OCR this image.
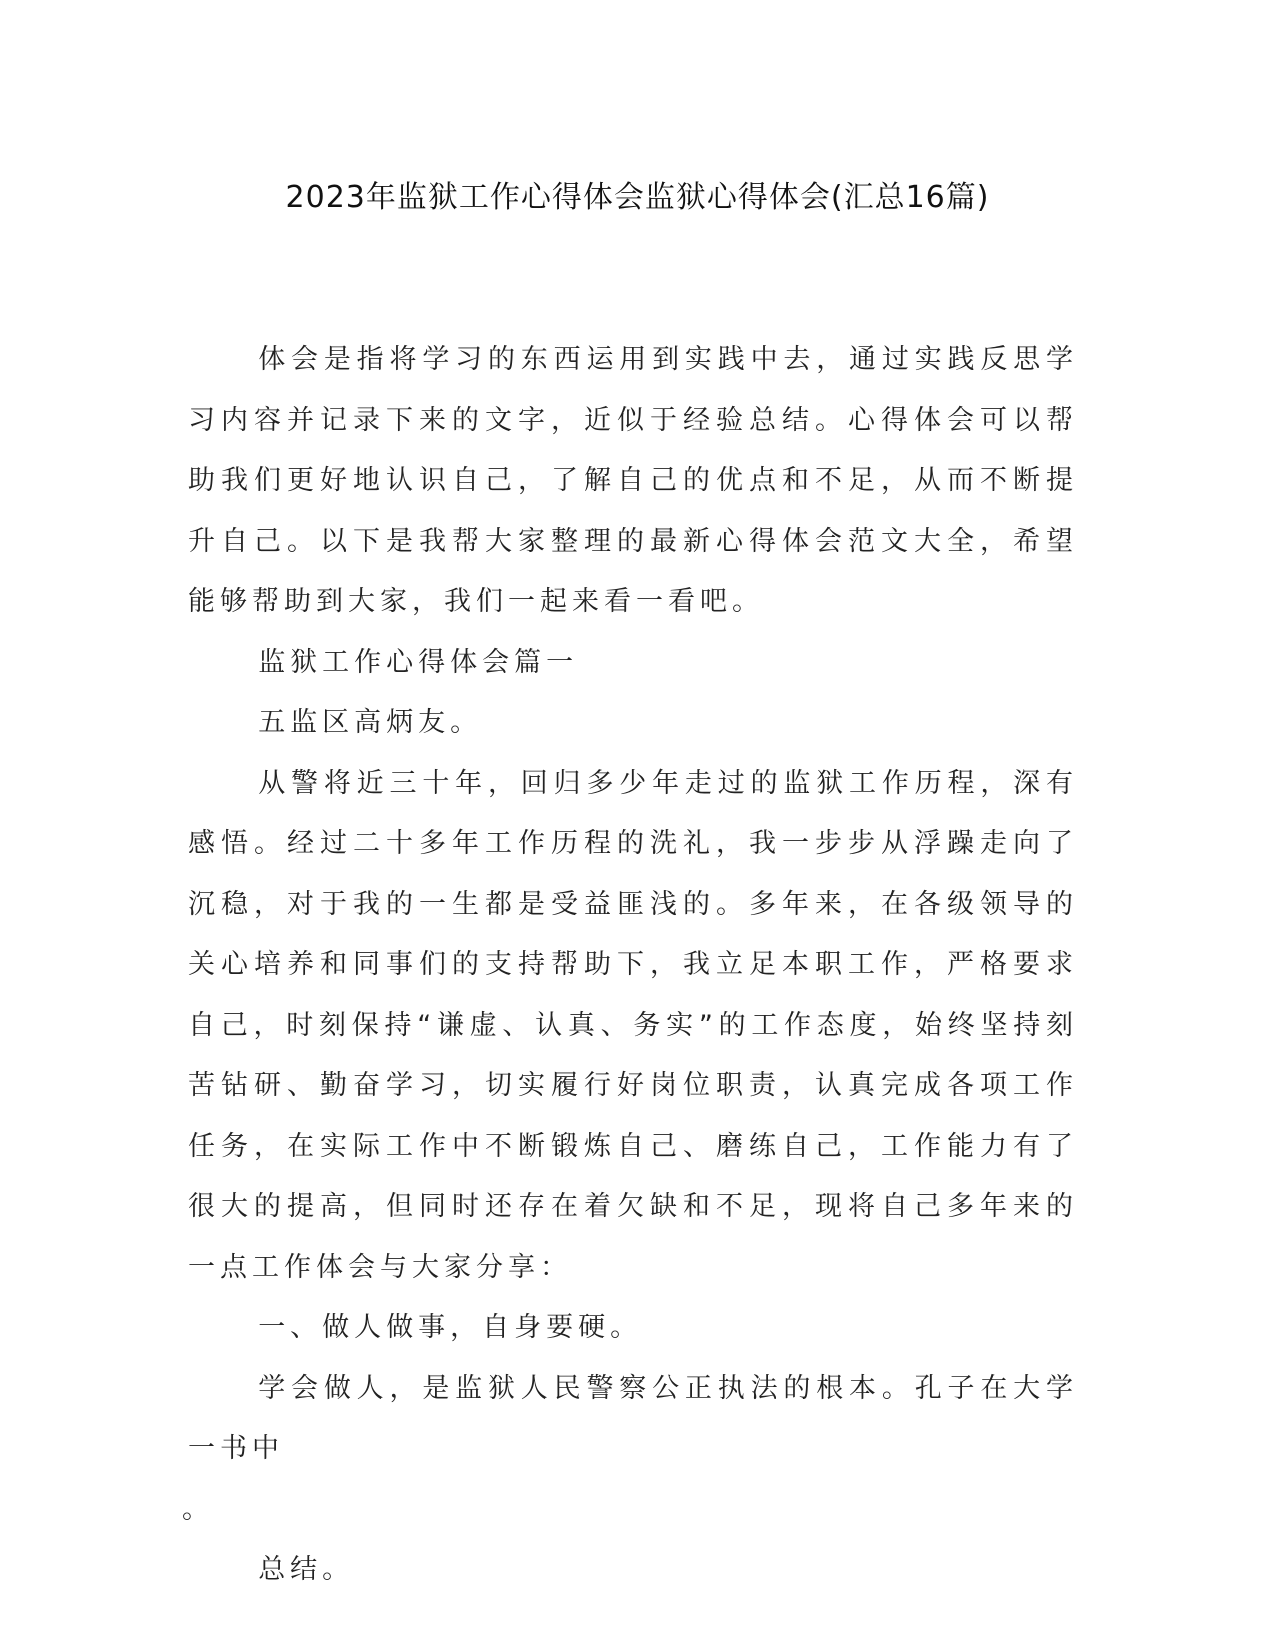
2023年监狱工作心得体会监狱心得体会(汇总16篇)

体会是指将学习的东西运用到实践中去，通过实践反思学习内容并记录下来的文字，近似于经验总结。心得体会可以帮助我们更好地认识自己，了解自己的优点和不足，从而不断提升自己。以下是我帮大家整理的最新心得体会范文大全，希望能够帮助到大家，我们一起来看一看吧。

监狱工作心得体会篇一

五监区高炳友。

从警将近三十年，回归多少年走过的监狱工作历程，深有感悟。经过二十多年工作历程的洗礼，我一步步从浮躁走向了沉稳，对于我的一生都是受益匪浅的。多年来，在各级领导的关心培养和同事们的支持帮助下，我立足本职工作，严格要求自己，时刻保持“谦虚、认真、务实”的工作态度，始终坚持刻苦钻研、勤奋学习，切实履行好岗位职责，认真完成各项工作任务，在实际工作中不断锻炼自己、磨练自己，工作能力有了很大的提高，但同时还存在着欠缺和不足，现将自己多年来的一点工作体会与大家分享：

一、做人做事，自身要硬。

学会做人，是监狱人民警察公正执法的根本。孔子在大学一书中

。

总结。
